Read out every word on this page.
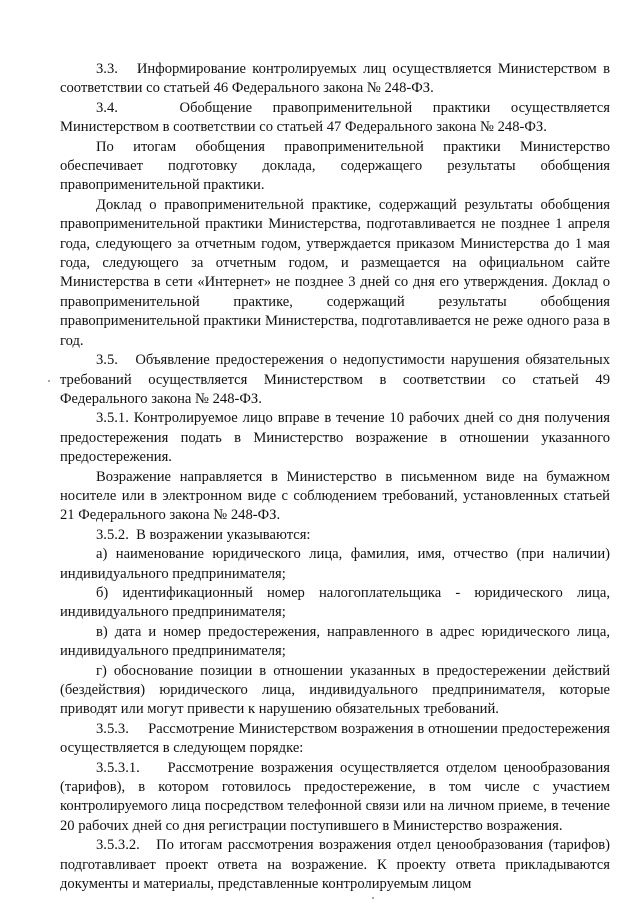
3.3.   Информирование контролируемых лиц осуществляется Министерством в соответствии со статьей 46 Федерального закона № 248-ФЗ.

3.4.   Обобщение правоприменительной практики осуществляется Министерством в соответствии со статьей 47 Федерального закона № 248-ФЗ.

По итогам обобщения правоприменительной практики Министерство обеспечивает подготовку доклада, содержащего результаты обобщения правоприменительной практики.

Доклад о правоприменительной практике, содержащий результаты обобщения правоприменительной практики Министерства, подготавливается не позднее 1 апреля года, следующего за отчетным годом, утверждается приказом Министерства до 1 мая года, следующего за отчетным годом, и размещается на официальном сайте Министерства в сети «Интернет» не позднее 3 дней со дня его утверждения. Доклад о правоприменительной практике, содержащий результаты обобщения правоприменительной практики Министерства, подготавливается не реже одного раза в год.

3.5.   Объявление предостережения о недопустимости нарушения обязательных требований осуществляется Министерством в соответствии со статьей 49 Федерального закона № 248-ФЗ.

3.5.1. Контролируемое лицо вправе в течение 10 рабочих дней со дня получения предостережения подать в Министерство возражение в отношении указанного предостережения.

Возражение направляется в Министерство в письменном виде на бумажном носителе или в электронном виде с соблюдением требований, установленных статьей 21 Федерального закона № 248-ФЗ.

3.5.2.  В возражении указываются:

а) наименование юридического лица, фамилия, имя, отчество (при наличии) индивидуального предпринимателя;

б) идентификационный номер налогоплательщика - юридического лица, индивидуального предпринимателя;

в) дата и номер предостережения, направленного в адрес юридического лица, индивидуального предпринимателя;

г) обоснование позиции в отношении указанных в предостережении действий (бездействия) юридического лица, индивидуального предпринимателя, которые приводят или могут привести к нарушению обязательных требований.

3.5.3.     Рассмотрение Министерством возражения в отношении предостережения осуществляется в следующем порядке:

3.5.3.1.    Рассмотрение возражения осуществляется отделом ценообразования (тарифов), в котором готовилось предостережение, в том числе с участием контролируемого лица посредством телефонной связи или на личном приеме, в течение 20 рабочих дней со дня регистрации поступившего в Министерство возражения.

3.5.3.2.   По итогам рассмотрения возражения отдел ценообразования (тарифов) подготавливает проект ответа на возражение. К проекту ответа прикладываются документы и материалы, представленные контролируемым лицом
